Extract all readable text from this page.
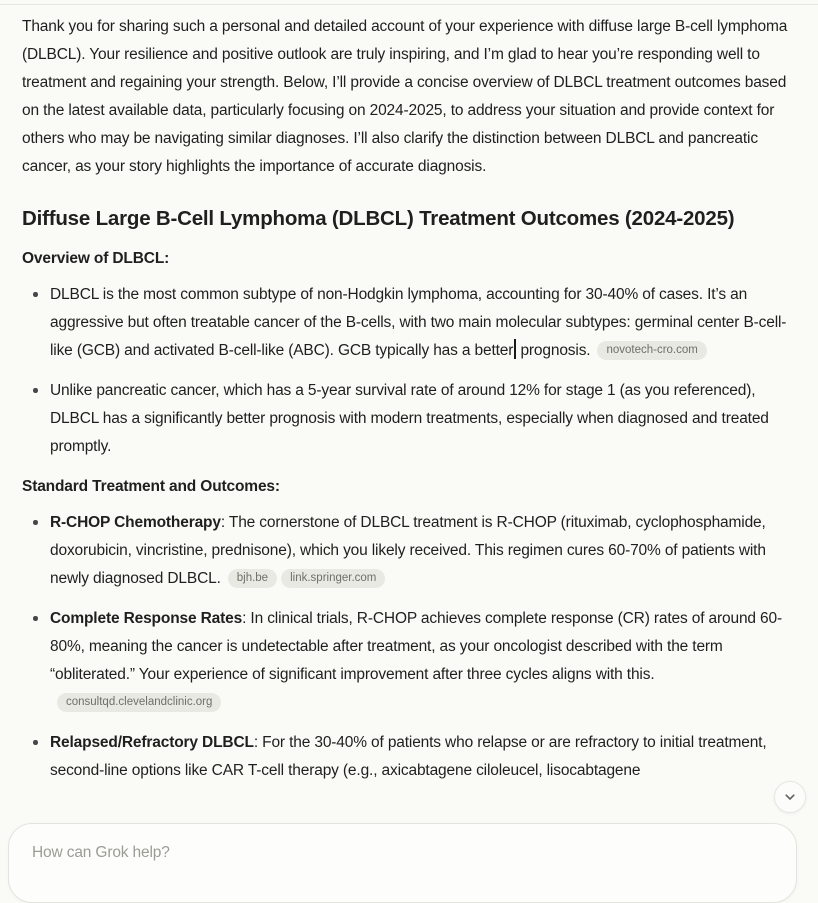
Thank you for sharing such a personal and detailed account of your experience with diffuse large B-cell lymphoma (DLBCL). Your resilience and positive outlook are truly inspiring, and I’m glad to hear you’re responding well to treatment and regaining your strength. Below, I’ll provide a concise overview of DLBCL treatment outcomes based on the latest available data, particularly focusing on 2024-2025, to address your situation and provide context for others who may be navigating similar diagnoses. I’ll also clarify the distinction between DLBCL and pancreatic cancer, as your story highlights the importance of accurate diagnosis.

Diffuse Large B-Cell Lymphoma (DLBCL) Treatment Outcomes (2024-2025)

Overview of DLBCL:

DLBCL is the most common subtype of non-Hodgkin lymphoma, accounting for 30-40% of cases. It’s an aggressive but often treatable cancer of the B-cells, with two main molecular subtypes: germinal center B-cell-like (GCB) and activated B-cell-like (ABC). GCB typically has a better prognosis. novotech-cro.com
Unlike pancreatic cancer, which has a 5-year survival rate of around 12% for stage 1 (as you referenced), DLBCL has a significantly better prognosis with modern treatments, especially when diagnosed and treated promptly.

Standard Treatment and Outcomes:

R-CHOP Chemotherapy: The cornerstone of DLBCL treatment is R-CHOP (rituximab, cyclophosphamide, doxorubicin, vincristine, prednisone), which you likely received. This regimen cures 60-70% of patients with newly diagnosed DLBCL. bjh.be link.springer.com
Complete Response Rates: In clinical trials, R-CHOP achieves complete response (CR) rates of around 60-80%, meaning the cancer is undetectable after treatment, as your oncologist described with the term “obliterated.” Your experience of significant improvement after three cycles aligns with this.consultqd.clevelandclinic.org
Relapsed/Refractory DLBCL: For the 30-40% of patients who relapse or are refractory to initial treatment, second-line options like CAR T-cell therapy (e.g., axicabtagene ciloleucel, lisocabtagene
How can Grok help?
